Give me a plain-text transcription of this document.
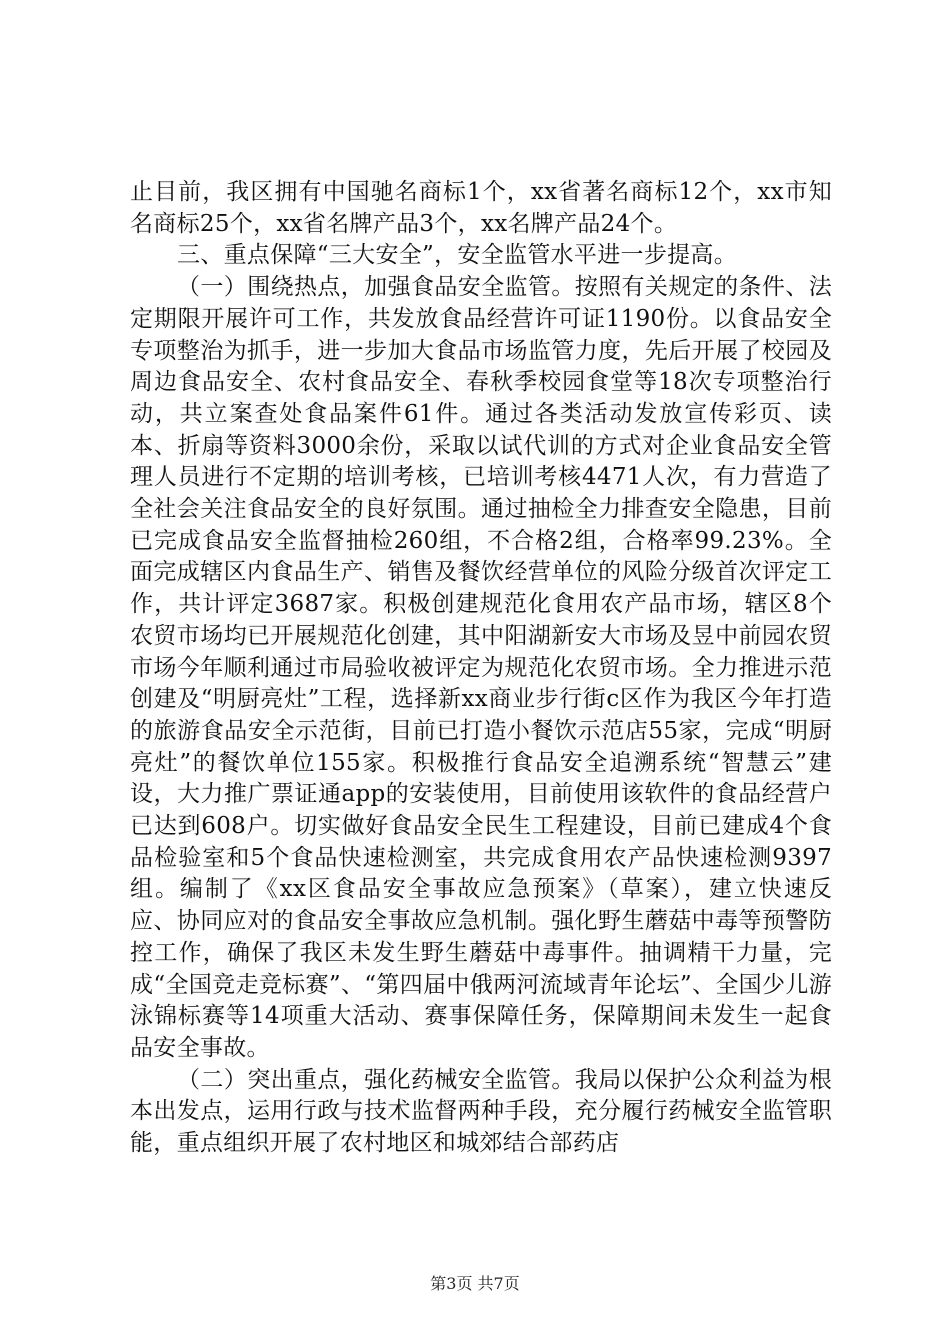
止目前，我区拥有中国驰名商标1个，xx省著名商标12个，xx市知名商标25个，xx省名牌产品3个，xx名牌产品24个。

三、重点保障“三大安全”，安全监管水平进一步提高。

（一）围绕热点，加强食品安全监管。按照有关规定的条件、法定期限开展许可工作，共发放食品经营许可证1190份。以食品安全专项整治为抓手，进一步加大食品市场监管力度，先后开展了校园及周边食品安全、农村食品安全、春秋季校园食堂等18次专项整治行动，共立案查处食品案件61件。通过各类活动发放宣传彩页、读本、折扇等资料3000余份，采取以试代训的方式对企业食品安全管理人员进行不定期的培训考核，已培训考核4471人次，有力营造了全社会关注食品安全的良好氛围。通过抽检全力排查安全隐患，目前已完成食品安全监督抽检260组，不合格2组，合格率99.23%。全面完成辖区内食品生产、销售及餐饮经营单位的风险分级首次评定工作，共计评定3687家。积极创建规范化食用农产品市场，辖区8个农贸市场均已开展规范化创建，其中阳湖新安大市场及昱中前园农贸市场今年顺利通过市局验收被评定为规范化农贸市场。全力推进示范创建及“明厨亮灶”工程，选择新xx商业步行街c区作为我区今年打造的旅游食品安全示范街，目前已打造小餐饮示范店55家，完成“明厨亮灶”的餐饮单位155家。积极推行食品安全追溯系统“智慧云”建设，大力推广票证通app的安装使用，目前使用该软件的食品经营户已达到608户。切实做好食品安全民生工程建设，目前已建成4个食品检验室和5个食品快速检测室，共完成食用农产品快速检测9397组。编制了《xx区食品安全事故应急预案》（草案），建立快速反应、协同应对的食品安全事故应急机制。强化野生蘑菇中毒等预警防控工作，确保了我区未发生野生蘑菇中毒事件。抽调精干力量，完成“全国竞走竞标赛”、“第四届中俄两河流域青年论坛”、全国少儿游泳锦标赛等14项重大活动、赛事保障任务，保障期间未发生一起食品安全事故。

（二）突出重点，强化药械安全监管。我局以保护公众利益为根本出发点，运用行政与技术监督两种手段，充分履行药械安全监管职能，重点组织开展了农村地区和城郊结合部药店

第3页 共7页
